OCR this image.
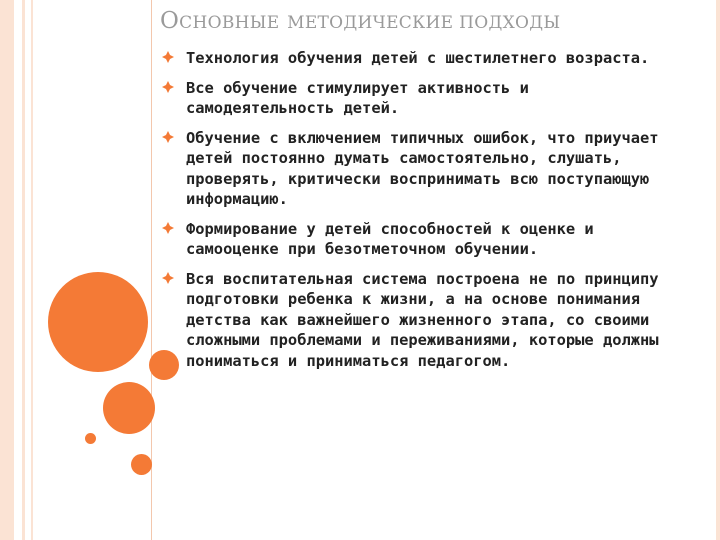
ОСНОВНЫЕ МЕТОДИЧЕСКИЕ ПОДХОДЫ
Технология обучения детей с шестилетнего возраста.
Все обучение стимулирует активность и самодеятельность детей.
Обучение с включением типичных ошибок, что приучает детей постоянно думать самостоятельно, слушать, проверять, критически воспринимать всю поступающую информацию.
Формирование у детей способностей к оценке и самооценке при безотметочном обучении.
Вся воспитательная система построена не по принципу подготовки ребенка к жизни, а на основе понимания детства как важнейшего жизненного этапа, со своими сложными проблемами и переживаниями, которые должны пониматься и приниматься педагогом.
